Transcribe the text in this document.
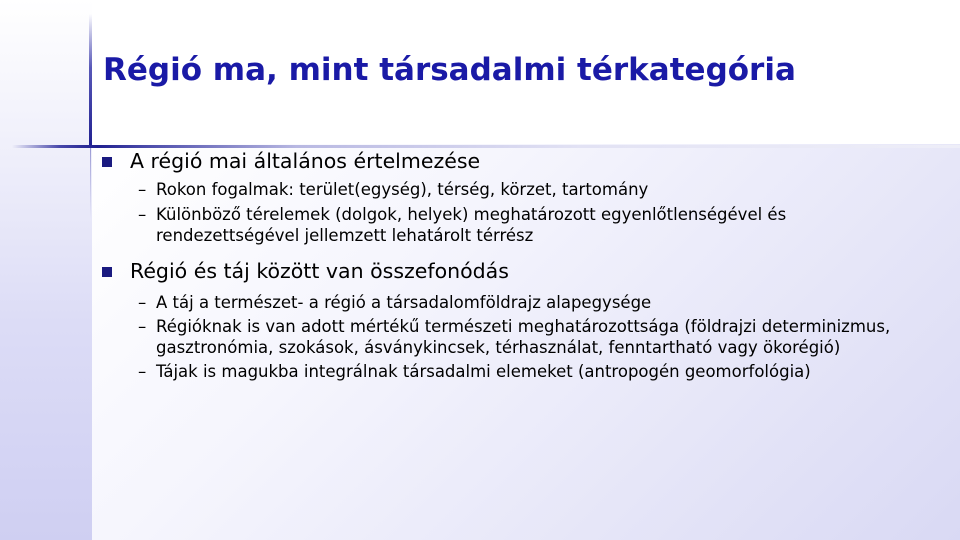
Régió ma, mint társadalmi térkategória
A régió mai általános értelmezése
– Rokon fogalmak: terület(egység), térség, körzet, tartomány
– Különböző térelemek (dolgok, helyek) meghatározott egyenlőtlenségével és
rendezettségével jellemzett lehatárolt térrész
Régió és táj között van összefonódás
– A táj a természet- a régió a társadalomföldrajz alapegysége
– Régióknak is van adott mértékű természeti meghatározottsága (földrajzi determinizmus,
gasztronómia, szokások, ásványkincsek, térhasználat, fenntartható vagy ökorégió)
– Tájak is magukba integrálnak társadalmi elemeket (antropogén geomorfológia)
